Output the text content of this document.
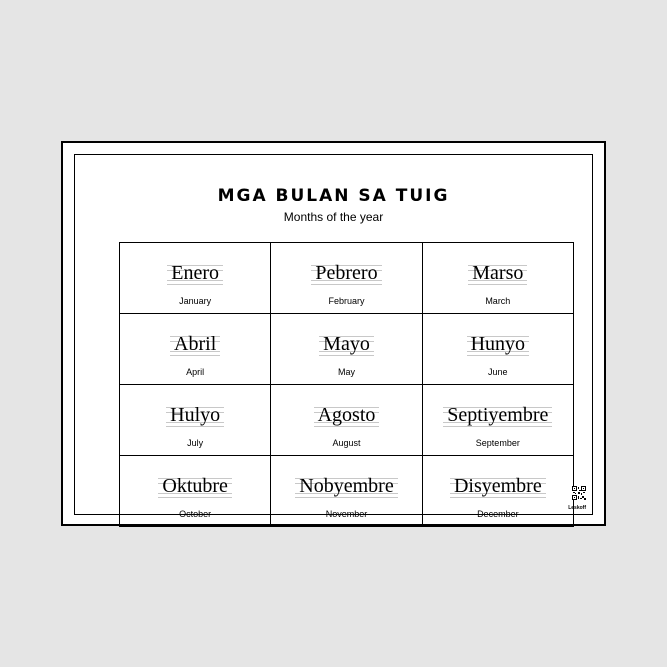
MGA BULAN SA TUIG
Months of the year
Enero
January
Pebrero
February
Marso
March
Abril
April
Mayo
May
Hunyo
June
Hulyo
July
Agosto
August
Septiyembre
September
Oktubre
October
Nobyembre
November
Disyembre
December
Leskoff
